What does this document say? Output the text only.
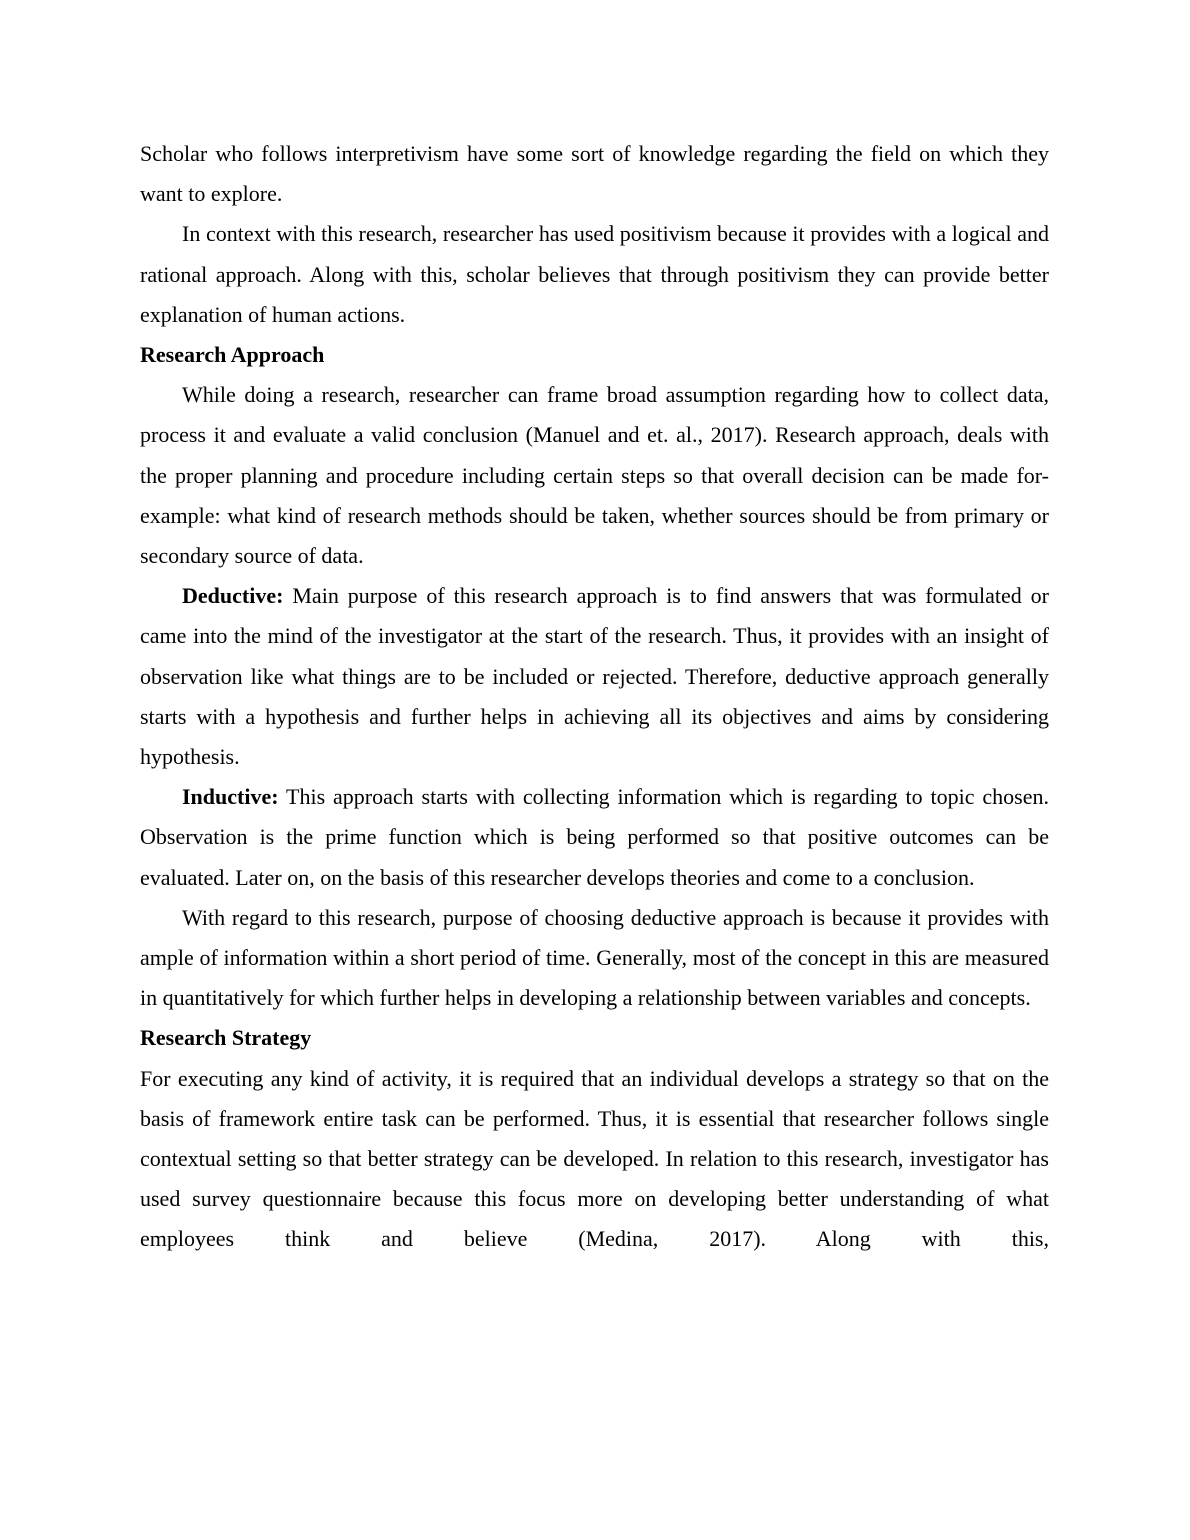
Scholar who follows interpretivism have some sort of knowledge regarding the field on which they want to explore.

In context with this research, researcher has used positivism because it provides with a logical and rational approach. Along with this, scholar believes that through positivism they can provide better explanation of human actions.

Research Approach

While doing a research, researcher can frame broad assumption regarding how to collect data, process it and evaluate a valid conclusion (Manuel and et. al., 2017). Research approach, deals with the proper planning and procedure including certain steps so that overall decision can be made for-example: what kind of research methods should be taken, whether sources should be from primary or secondary source of data.

Deductive: Main purpose of this research approach is to find answers that was formulated or came into the mind of the investigator at the start of the research. Thus, it provides with an insight of observation like what things are to be included or rejected. Therefore, deductive approach generally starts with a hypothesis and further helps in achieving all its objectives and aims by considering hypothesis.

Inductive: This approach starts with collecting information which is regarding to topic chosen. Observation is the prime function which is being performed so that positive outcomes can be evaluated. Later on, on the basis of this researcher develops theories and come to a conclusion.

With regard to this research, purpose of choosing deductive approach is because it provides with ample of information within a short period of time. Generally, most of the concept in this are measured in quantitatively for which further helps in developing a relationship between variables and concepts.

Research Strategy

For executing any kind of activity, it is required that an individual develops a strategy so that on the basis of framework entire task can be performed. Thus, it is essential that researcher follows single contextual setting so that better strategy can be developed. In relation to this research, investigator has used survey questionnaire because this focus more on developing better understanding of what employees think and believe (Medina, 2017). Along with this,
